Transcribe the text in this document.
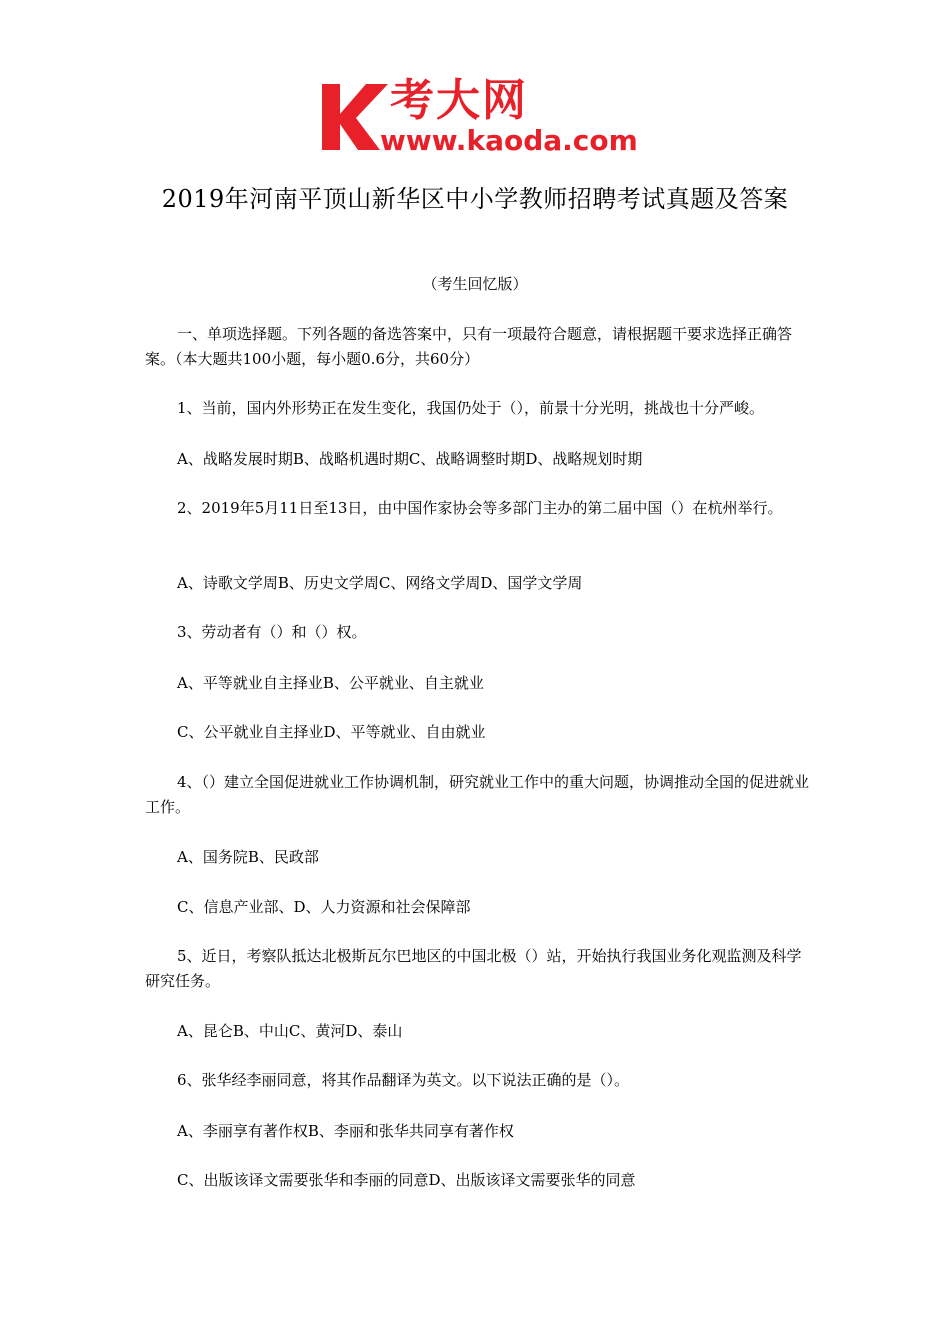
考大网
www.kaoda.com
2019年河南平顶山新华区中小学教师招聘考试真题及答案
（考生回忆版）

一、单项选择题。下列各题的备选答案中，只有一项最符合题意，请根据题干要求选择正确答案。（本大题共100小题，每小题0.6分，共60分）

1、当前，国内外形势正在发生变化，我国仍处于（），前景十分光明，挑战也十分严峻。

A、战略发展时期B、战略机遇时期C、战略调整时期D、战略规划时期

2、2019年5月11日至13日，由中国作家协会等多部门主办的第二届中国（）在杭州举行。

A、诗歌文学周B、历史文学周C、网络文学周D、国学文学周

3、劳动者有（）和（）权。

A、平等就业自主择业B、公平就业、自主就业
C、公平就业自主择业D、平等就业、自由就业

4、（）建立全国促进就业工作协调机制，研究就业工作中的重大问题，协调推动全国的促进就业工作。

A、国务院B、民政部
C、信息产业部、D、人力资源和社会保障部

5、近日，考察队抵达北极斯瓦尔巴地区的中国北极（）站，开始执行我国业务化观监测及科学研究任务。

A、昆仑B、中山C、黄河D、泰山

6、张华经李丽同意，将其作品翻译为英文。以下说法正确的是（）。

A、李丽享有著作权B、李丽和张华共同享有著作权
C、出版该译文需要张华和李丽的同意D、出版该译文需要张华的同意
